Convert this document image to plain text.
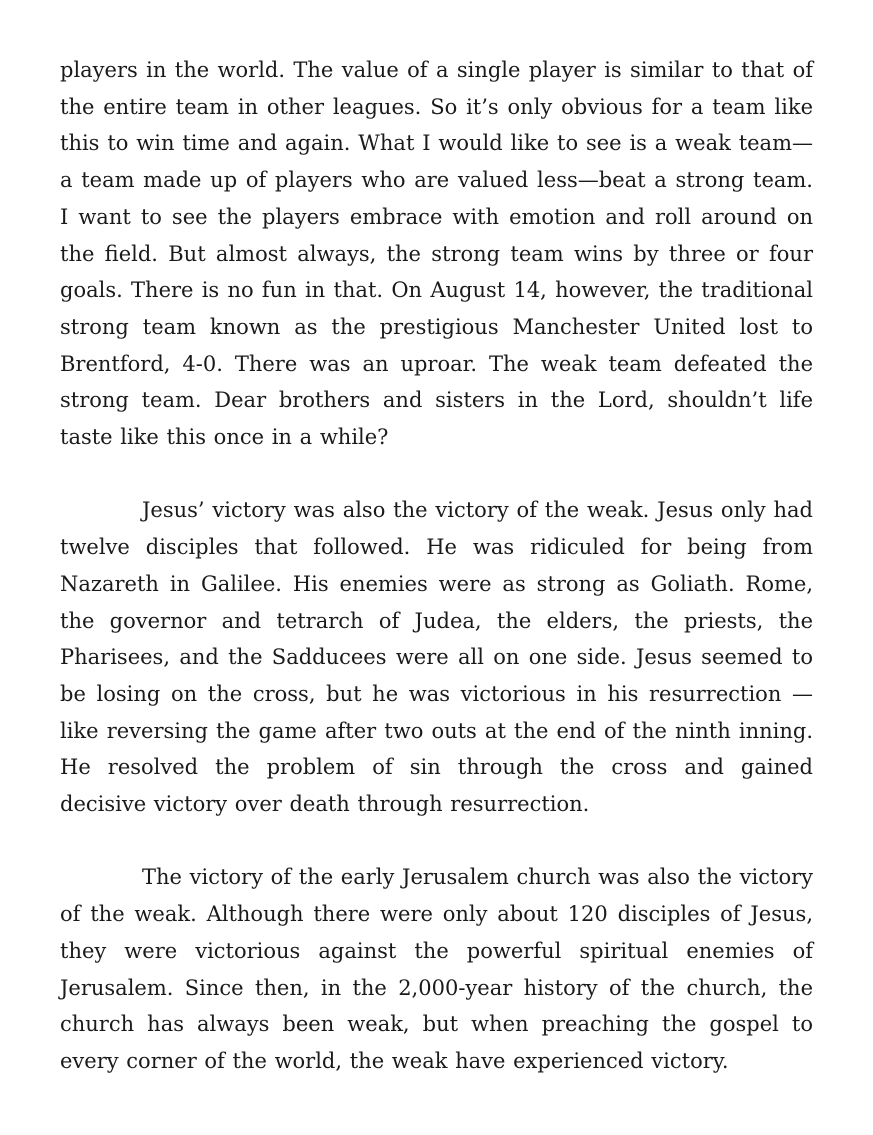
players in the world. The value of a single player is similar to that of the entire team in other leagues. So it’s only obvious for a team like this to win time and again. What I would like to see is a weak team—a team made up of players who are valued less—beat a strong team. I want to see the players embrace with emotion and roll around on the field. But almost always, the strong team wins by three or four goals. There is no fun in that. On August 14, however, the traditional strong team known as the prestigious Manchester United lost to Brentford, 4-0. There was an uproar. The weak team defeated the strong team. Dear brothers and sisters in the Lord, shouldn’t life taste like this once in a while?

Jesus’ victory was also the victory of the weak. Jesus only had twelve disciples that followed. He was ridiculed for being from Nazareth in Galilee. His enemies were as strong as Goliath. Rome, the governor and tetrarch of Judea, the elders, the priests, the Pharisees, and the Sadducees were all on one side. Jesus seemed to be losing on the cross, but he was victorious in his resurrection —like reversing the game after two outs at the end of the ninth inning. He resolved the problem of sin through the cross and gained decisive victory over death through resurrection.

The victory of the early Jerusalem church was also the victory of the weak. Although there were only about 120 disciples of Jesus, they were victorious against the powerful spiritual enemies of Jerusalem. Since then, in the 2,000-year history of the church, the church has always been weak, but when preaching the gospel to every corner of the world, the weak have experienced victory.
